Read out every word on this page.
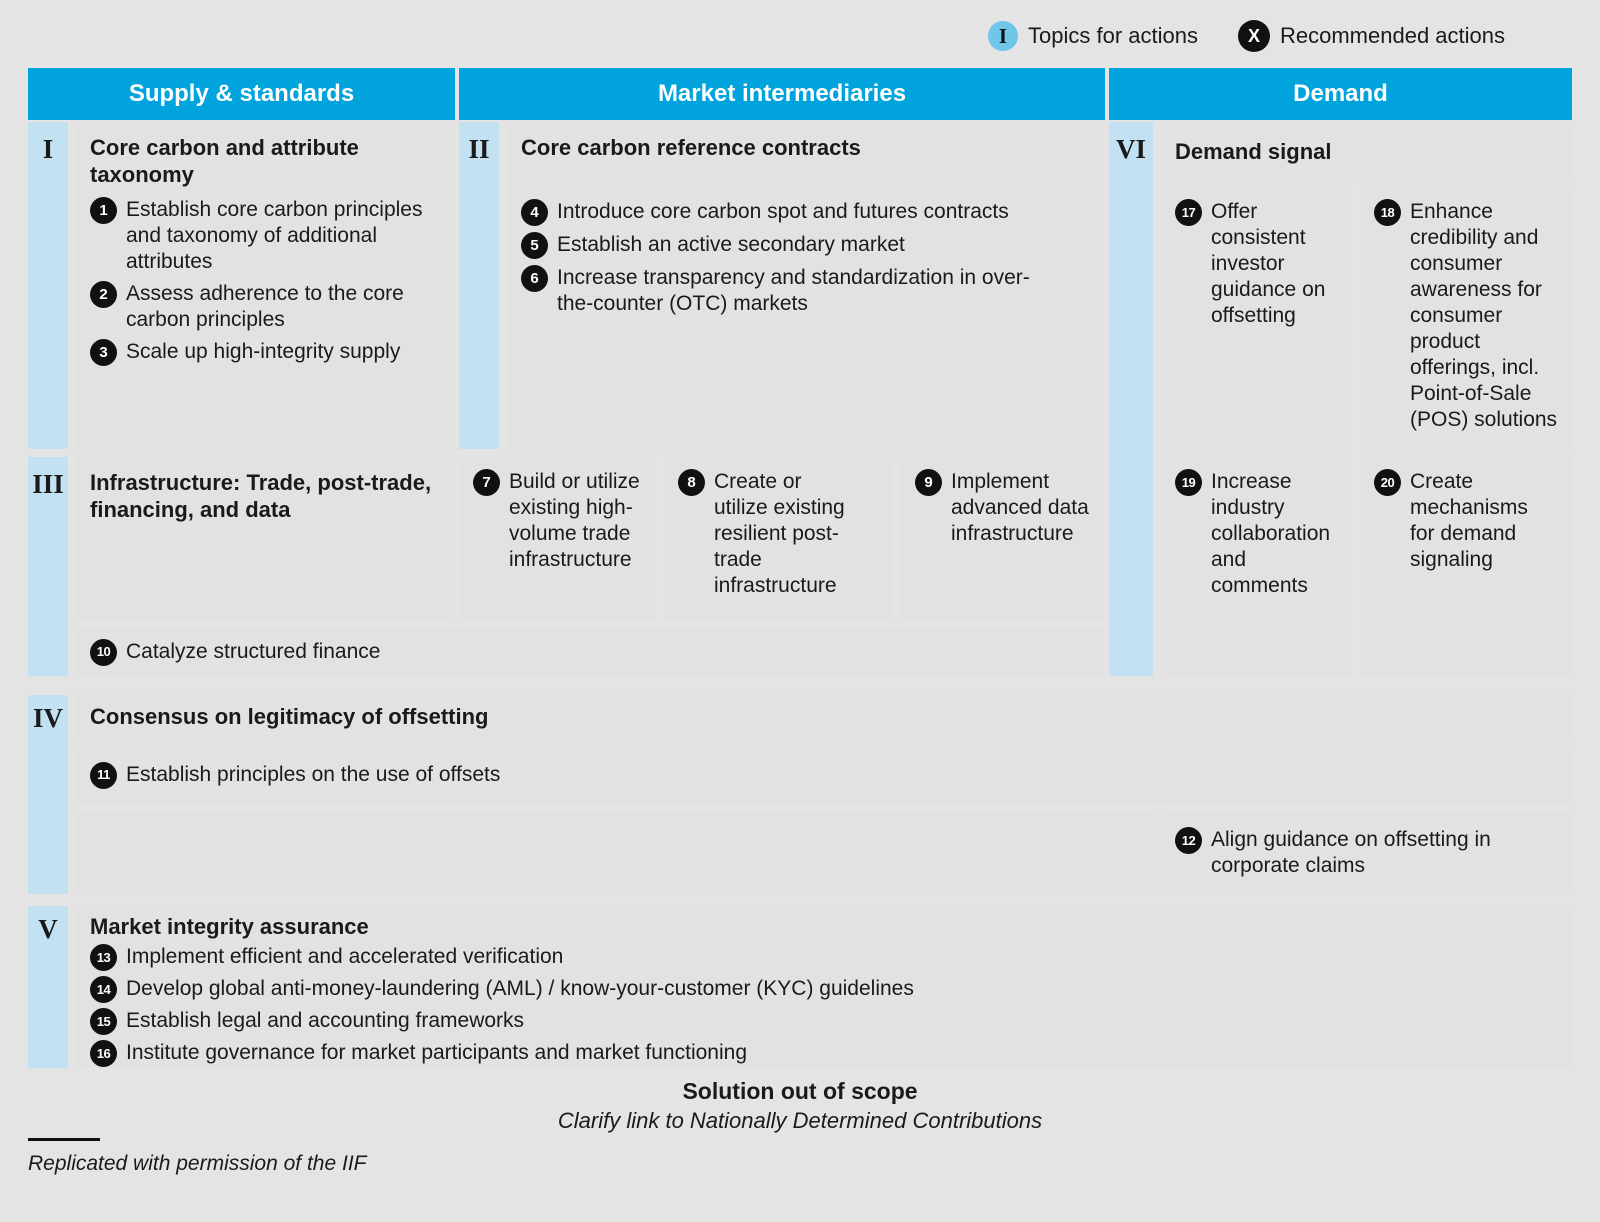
I Topics for actions	X Recommended actions
Supply & standards	Market intermediaries	Demand
I	Core carbon and attribute taxonomy
1 Establish core carbon principles and taxonomy of additional attributes
2 Assess adherence to the core carbon principles
3 Scale up high-integrity supply
II	Core carbon reference contracts
4 Introduce core carbon spot and futures contracts
5 Establish an active secondary market
6 Increase transparency and standardization in over-the-counter (OTC) markets
VI	Demand signal
17 Offer consistent investor guidance on offsetting
18 Enhance credibility and consumer awareness for consumer product offerings, incl. Point-of-Sale (POS) solutions
III Infrastructure: Trade, post-trade, financing, and data
7 Build or utilize existing high-volume trade infrastructure
8 Create or utilize existing resilient post-trade infrastructure
9 Implement advanced data infrastructure
19 Increase industry collaboration and comments
20 Create mechanisms for demand signaling
10 Catalyze structured finance
IV Consensus on legitimacy of offsetting
11 Establish principles on the use of offsets
12 Align guidance on offsetting in corporate claims
V	Market integrity assurance
13 Implement efficient and accelerated verification
14 Develop global anti-money-laundering (AML) / know-your-customer (KYC) guidelines
15 Establish legal and accounting frameworks
16 Institute governance for market participants and market functioning
Solution out of scope
Clarify link to Nationally Determined Contributions
Replicated with permission of the IIF
